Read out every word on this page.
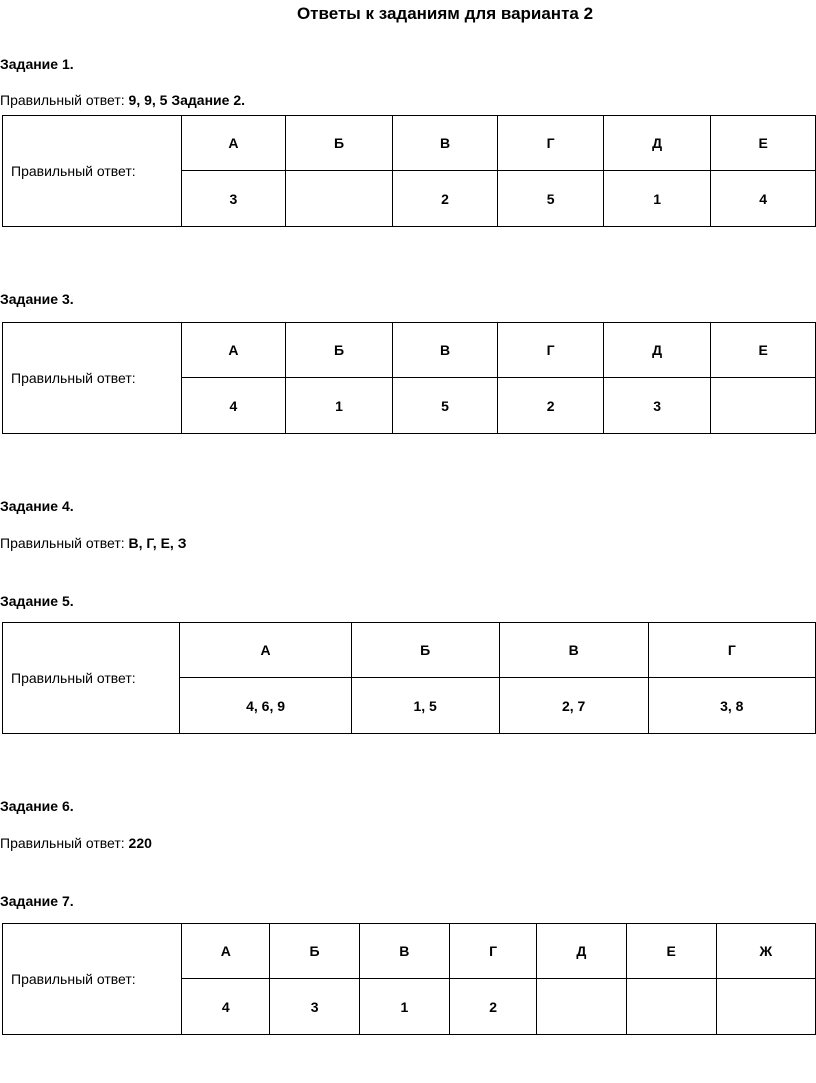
Ответы к заданиям для варианта 2
Задание 1.
Правильный ответ: 9, 9, 5 Задание 2.
Правильный ответ:	А	Б	В	Г	Д	Е
	3		2	5	1	4
Задание 3.
Правильный ответ:	А	Б	В	Г	Д	Е
	4	1	5	2	3	
Задание 4.
Правильный ответ: В, Г, Е, З
Задание 5.
Правильный ответ:	А	Б	В	Г
	4, 6, 9	1, 5	2, 7	3, 8
Задание 6.
Правильный ответ: 220
Задание 7.
Правильный ответ:	А	Б	В	Г	Д	Е	Ж
	4	3	1	2			
